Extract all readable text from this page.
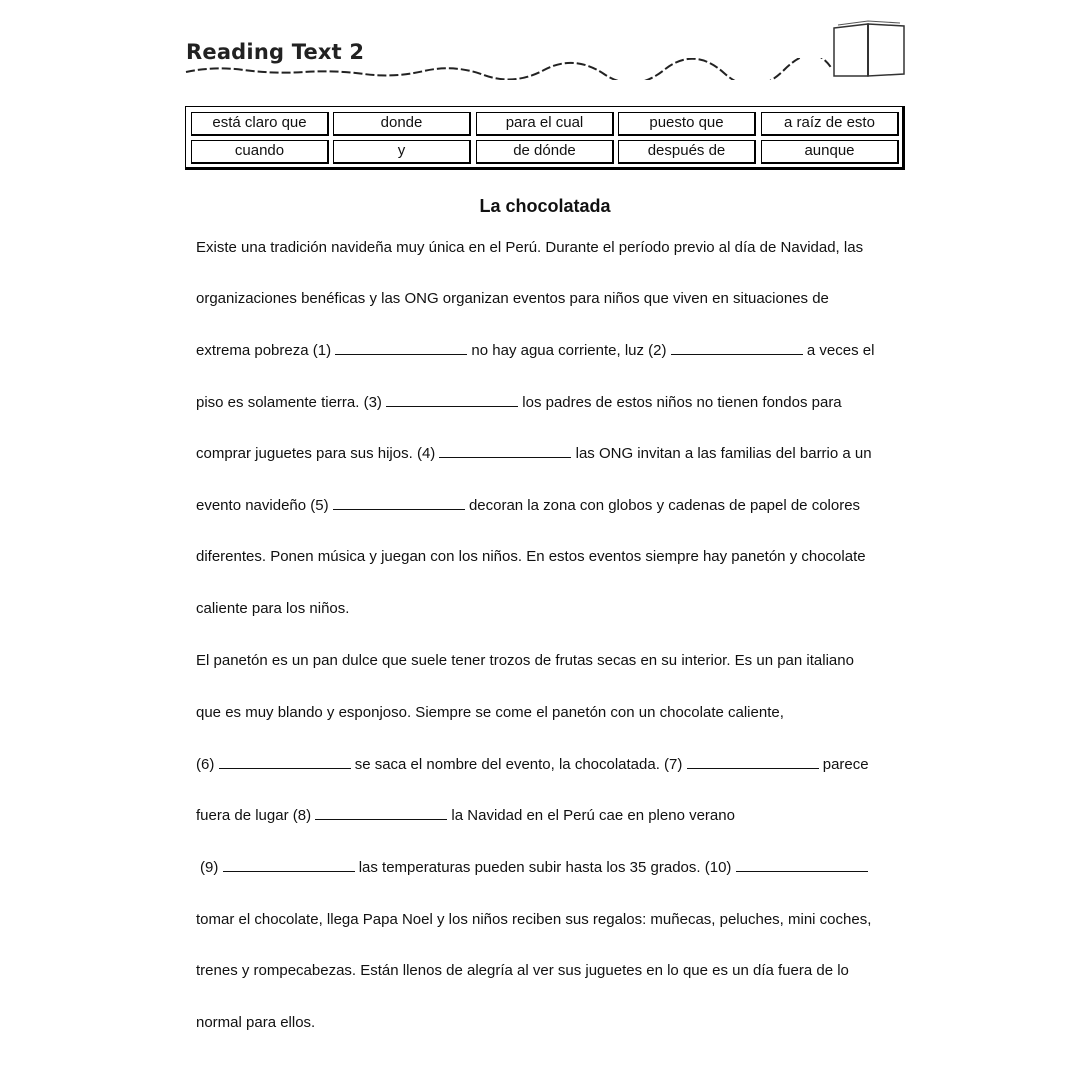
Reading Text 2
está claro que	donde	para el cual	puesto que	a raíz de esto
cuando	y	de dónde	después de	aunque
La chocolatada
Existe una tradición navideña muy única en el Perú. Durante el período previo al día de Navidad, las
organizaciones benéficas y las ONG organizan eventos para niños que viven en situaciones de
extrema pobreza (1)	no hay agua corriente, luz (2)	a veces el
piso es solamente tierra. (3)	los padres de estos niños no tienen fondos para
comprar juguetes para sus hijos. (4)	las ONG invitan a las familias del barrio a un
evento navideño (5)	decoran la zona con globos y cadenas de papel de colores
diferentes. Ponen música y juegan con los niños. En estos eventos siempre hay panetón y chocolate
caliente para los niños.
El panetón es un pan dulce que suele tener trozos de frutas secas en su interior. Es un pan italiano
que es muy blando y esponjoso. Siempre se come el panetón con un chocolate caliente,
(6)	se saca el nombre del evento, la chocolatada. (7)	parece
fuera de lugar (8)	la Navidad en el Perú cae en pleno verano
(9)	las temperaturas pueden subir hasta los 35 grados. (10)
tomar el chocolate, llega Papa Noel y los niños reciben sus regalos: muñecas, peluches, mini coches,
trenes y rompecabezas. Están llenos de alegría al ver sus juguetes en lo que es un día fuera de lo
normal para ellos.
